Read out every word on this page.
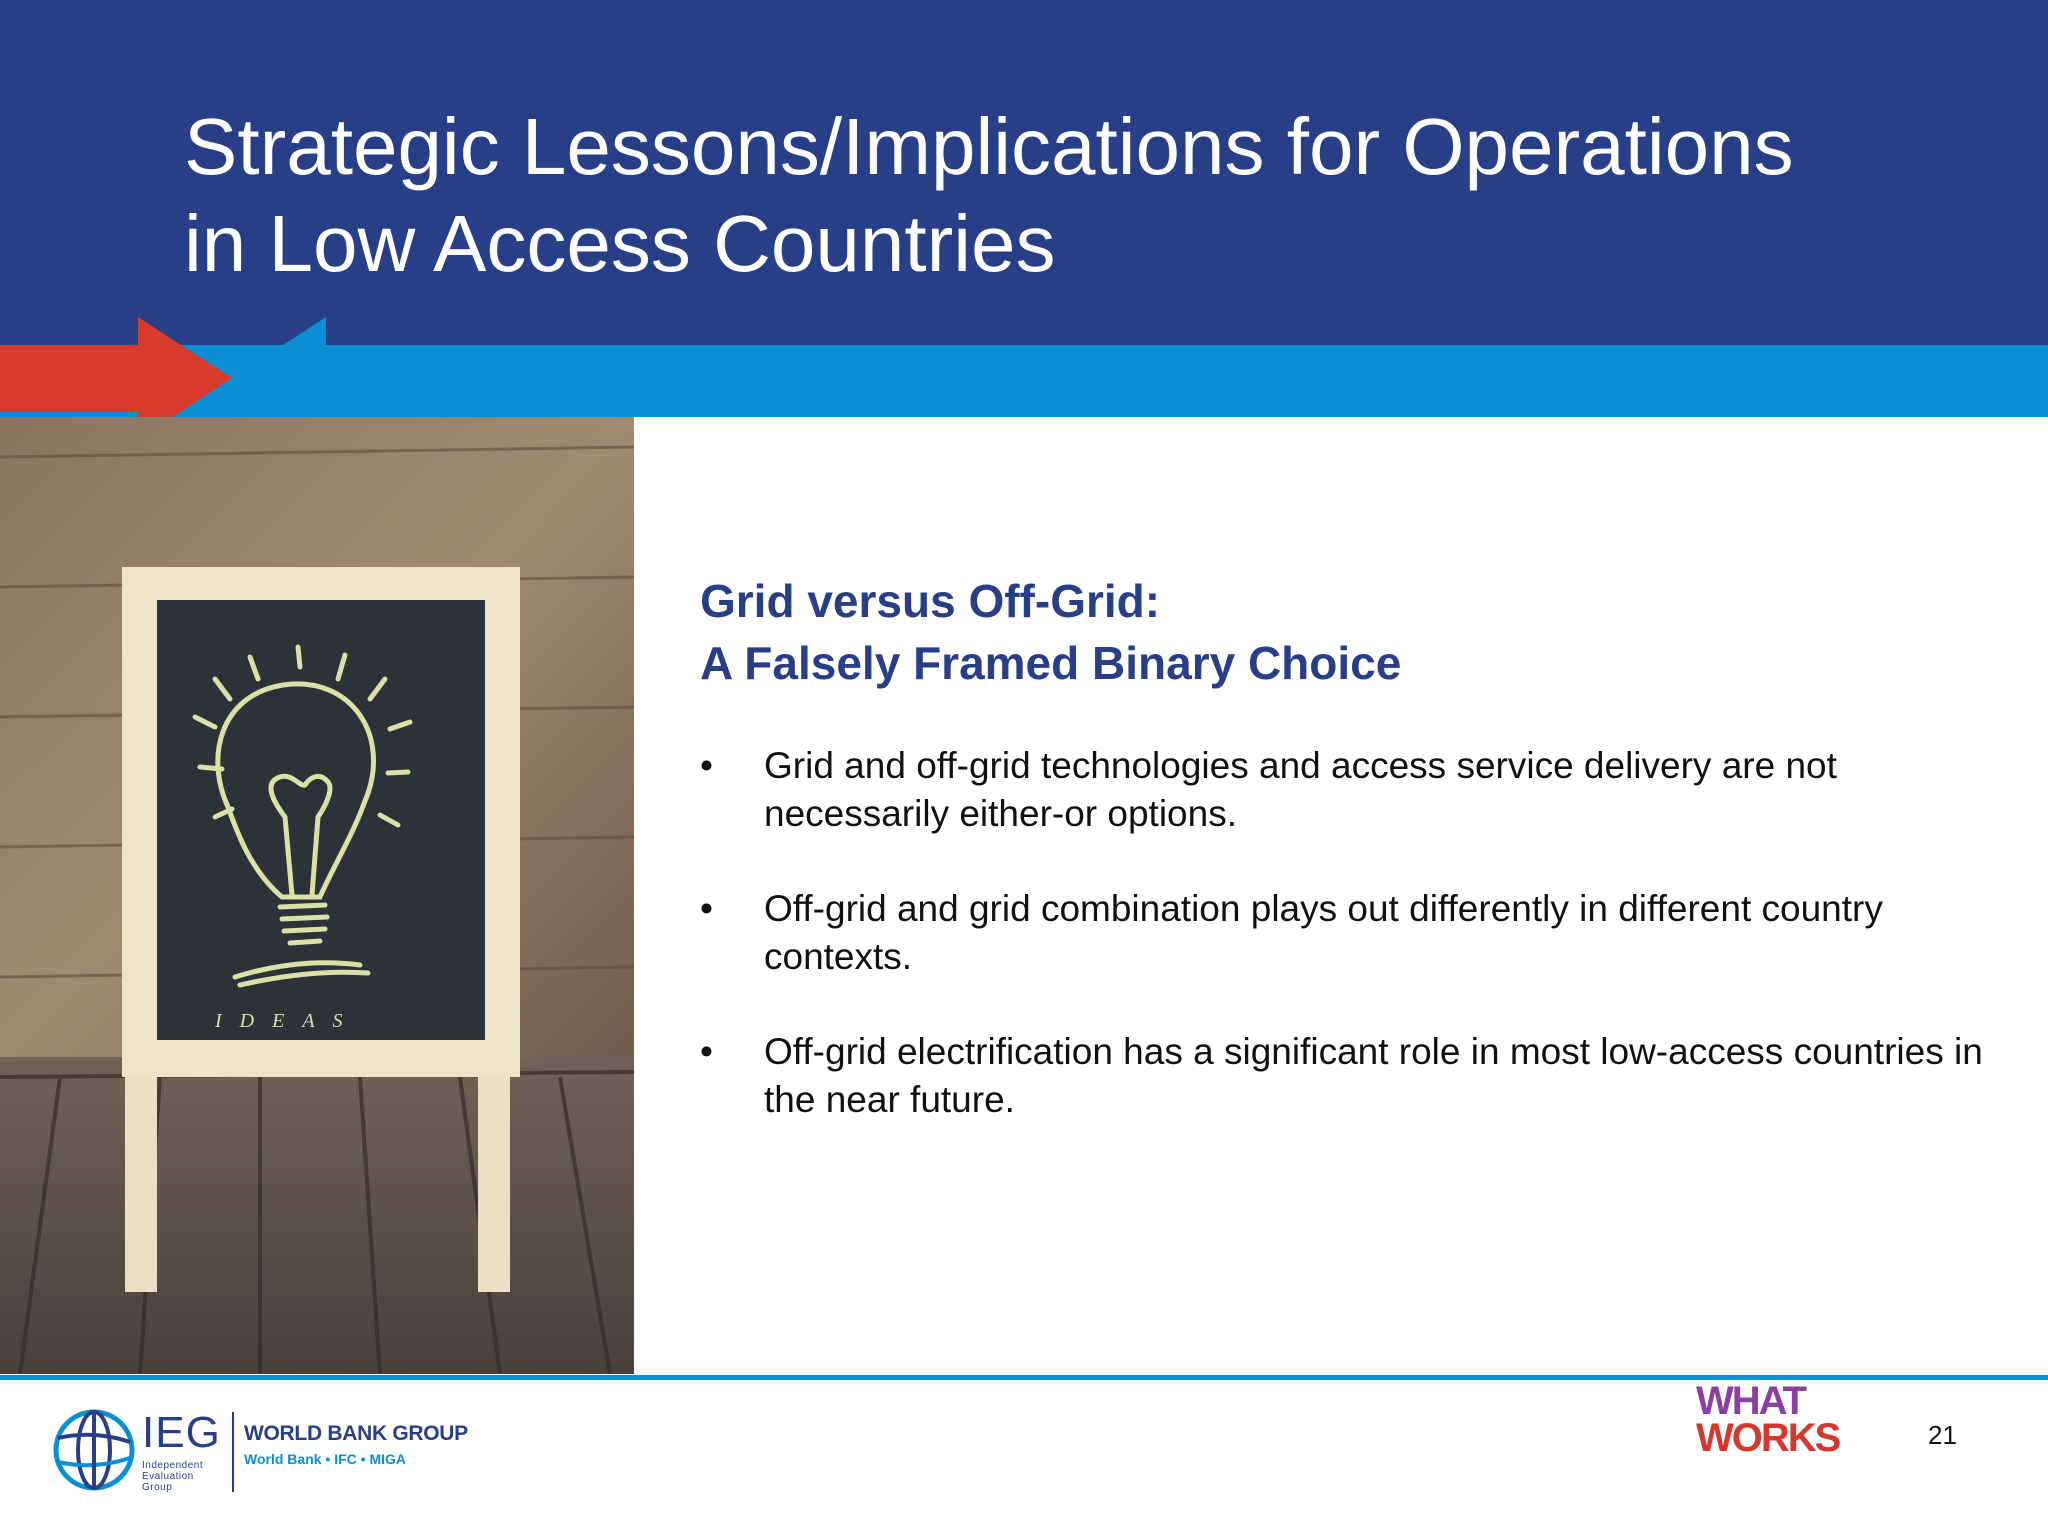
Strategic Lessons/Implications for Operations
in Low Access Countries
IDEAS
Grid versus Off-Grid:
A Falsely Framed Binary Choice
• Grid and off-grid technologies and access service delivery are not necessarily either-or options.
• Off-grid and grid combination plays out differently in different country contexts.
• Off-grid electrification has a significant role in most low-access countries in the near future.
IEG
Independent Evaluation Group
WORLD BANK GROUP
World Bank • IFC • MIGA
WHAT
WORKS	21
